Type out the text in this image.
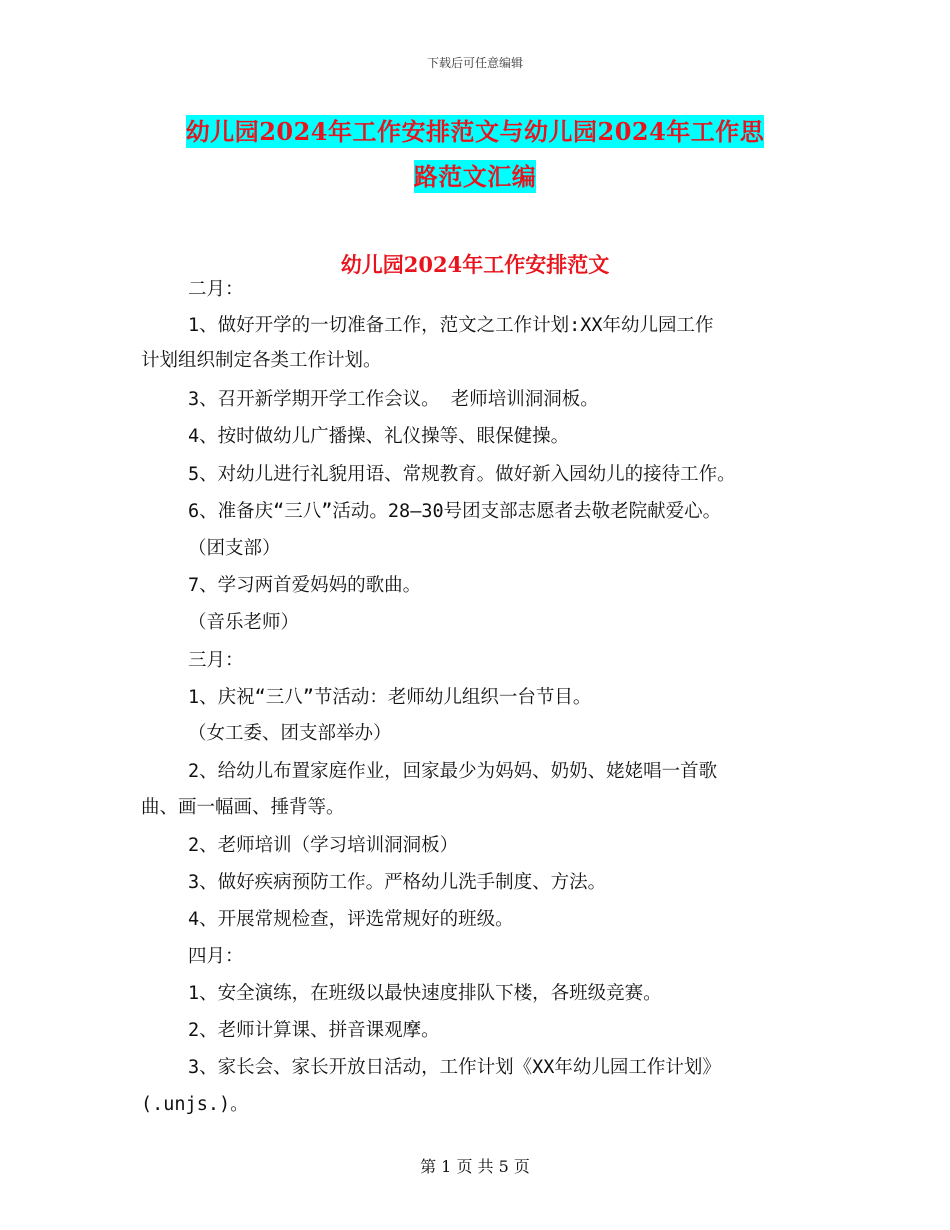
下载后可任意编辑
幼儿园2024年工作安排范文与幼儿园2024年工作思
路范文汇编
幼儿园2024年工作安排范文
二月：
1、做好开学的一切准备工作，范文之工作计划:XX年幼儿园工作
计划组织制定各类工作计划。
3、召开新学期开学工作会议。 老师培训洞洞板。
4、按时做幼儿广播操、礼仪操等、眼保健操。
5、对幼儿进行礼貌用语、常规教育。做好新入园幼儿的接待工作。
6、准备庆“三八”活动。28—30号团支部志愿者去敬老院献爱心。
（团支部）
7、学习两首爱妈妈的歌曲。
（音乐老师）
三月：
1、庆祝“三八”节活动：老师幼儿组织一台节目。
（女工委、团支部举办）
2、给幼儿布置家庭作业，回家最少为妈妈、奶奶、姥姥唱一首歌
曲、画一幅画、捶背等。
2、老师培训（学习培训洞洞板）
3、做好疾病预防工作。严格幼儿洗手制度、方法。
4、开展常规检查，评选常规好的班级。
四月：
1、安全演练，在班级以最快速度排队下楼，各班级竞赛。
2、老师计算课、拼音课观摩。
3、家长会、家长开放日活动，工作计划《XX年幼儿园工作计划》
(.unjs.)。
第 1 页 共 5 页
